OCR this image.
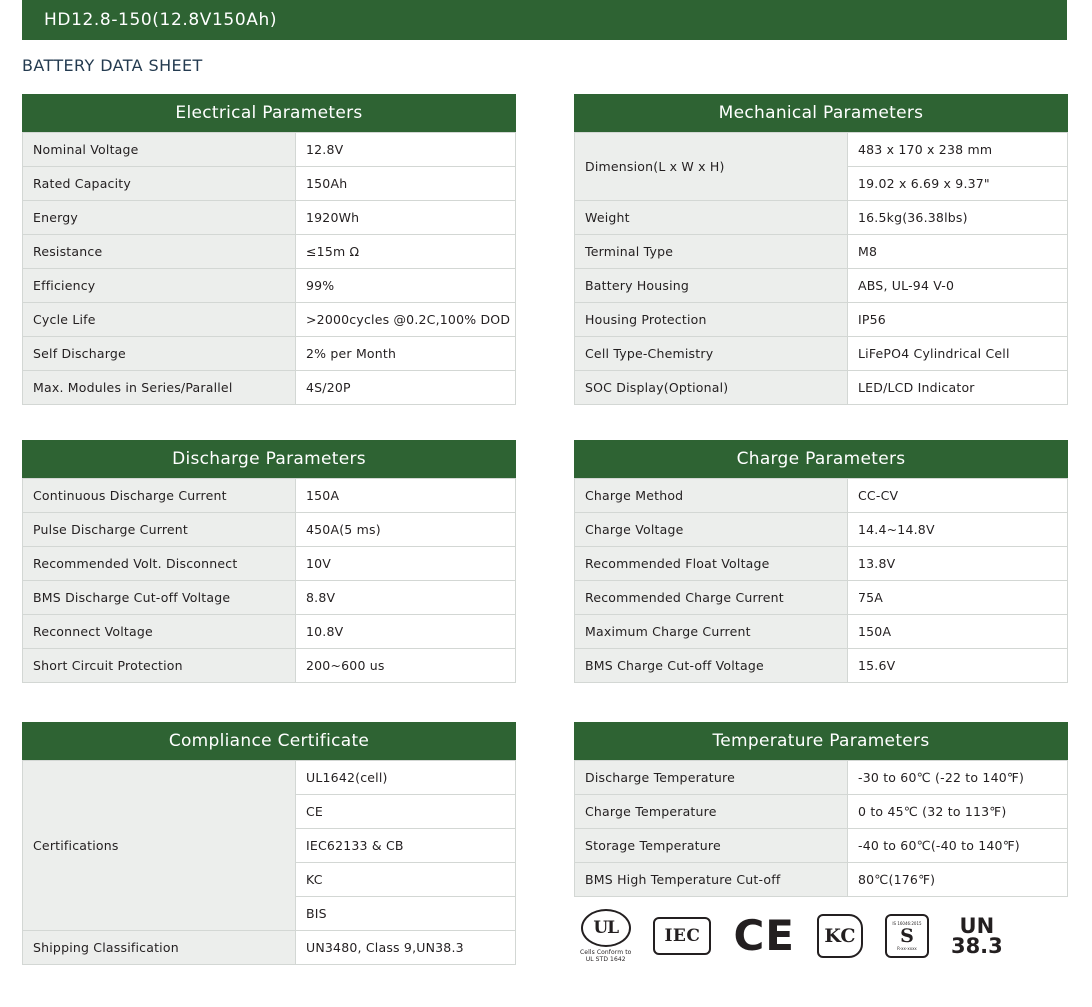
HD12.8-150(12.8V150Ah)
BATTERY DATA SHEET
Electrical Parameters
Nominal Voltage	12.8V
Rated Capacity	150Ah
Energy	1920Wh
Resistance	≤15m Ω
Efficiency	99%
Cycle Life	>2000cycles @0.2C,100% DOD
Self Discharge	2% per Month
Max. Modules in Series/Parallel	4S/20P
Mechanical Parameters
Dimension(L x W x H)	483 x 170 x 238 mm
	19.02 x 6.69 x 9.37"
Weight	16.5kg(36.38lbs)
Terminal Type	M8
Battery Housing	ABS, UL-94 V-0
Housing Protection	IP56
Cell Type-Chemistry	LiFePO4 Cylindrical Cell
SOC Display(Optional)	LED/LCD Indicator
Discharge Parameters
Continuous Discharge Current	150A
Pulse Discharge Current	450A(5 ms)
Recommended Volt. Disconnect	10V
BMS Discharge Cut-off Voltage	8.8V
Reconnect Voltage	10.8V
Short Circuit Protection	200~600 us
Charge Parameters
Charge Method	CC-CV
Charge Voltage	14.4~14.8V
Recommended Float Voltage	13.8V
Recommended Charge Current	75A
Maximum Charge Current	150A
BMS Charge Cut-off Voltage	15.6V
Compliance Certificate
Certifications	UL1642(cell)
	CE
	IEC62133 & CB
	KC
	BIS
Shipping Classification	UN3480, Class 9,UN38.3
Temperature Parameters
Discharge Temperature	-30 to 60℃ (-22 to 140℉)
Charge Temperature	0 to 45℃ (32 to 113℉)
Storage Temperature	-40 to 60℃(-40 to 140℉)
BMS High Temperature Cut-off	80℃(176℉)
UL
Cells Conform to
UL STD 1642
IEC CE	KC
IS 16046:2015
S
R-xx-xxxx
UN
38.3
